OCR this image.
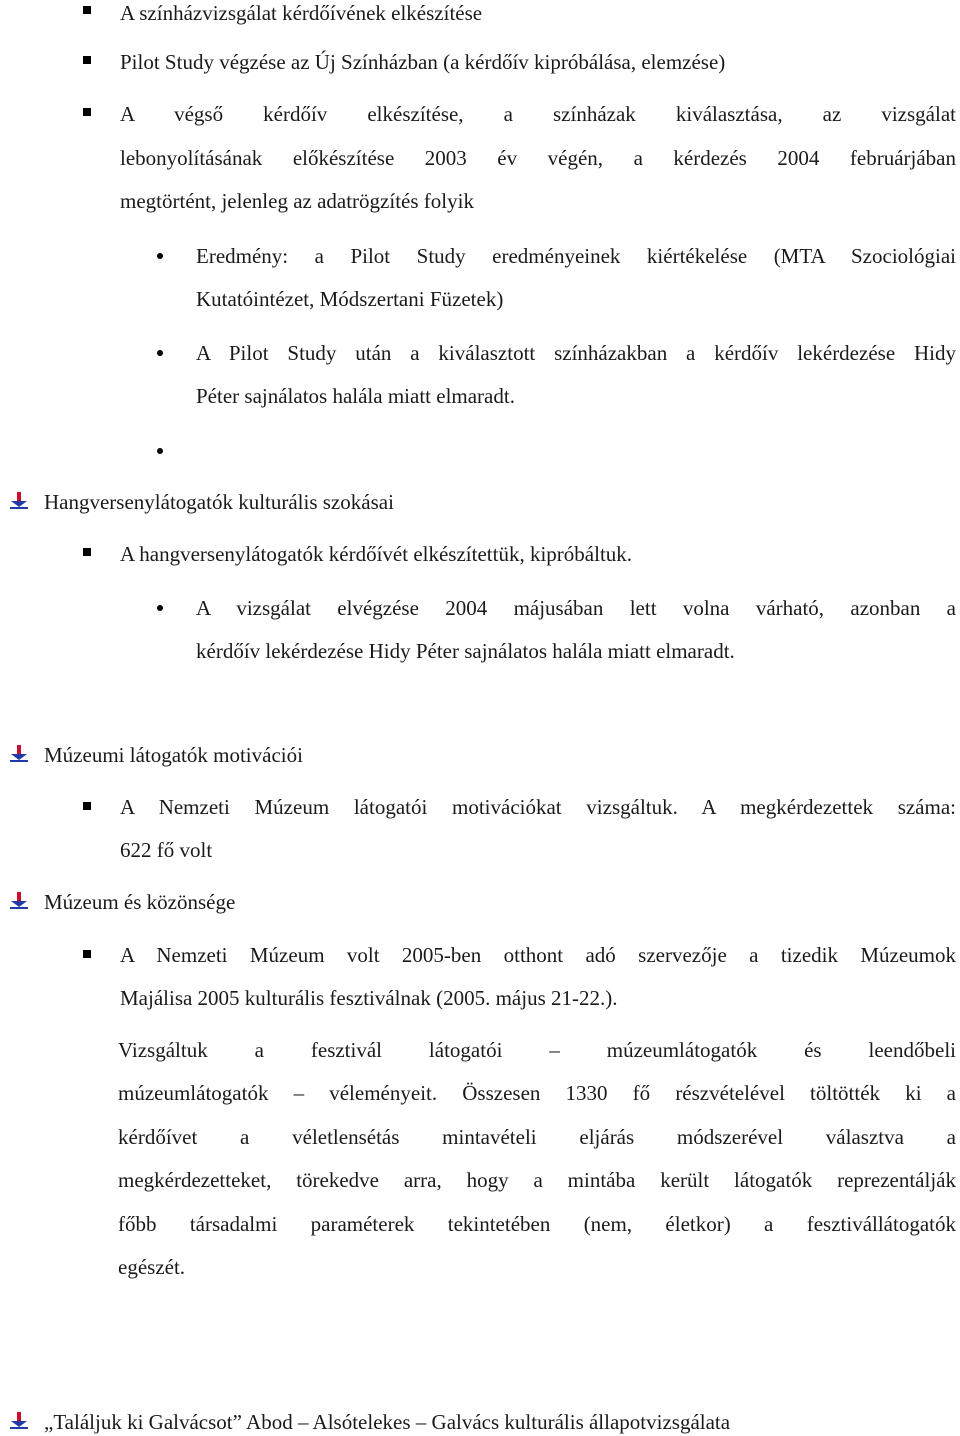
A színházvizsgálat kérdőívének elkészítése
Pilot Study végzése az Új Színházban (a kérdőív kipróbálása, elemzése)
A végső kérdőív elkészítése, a színházak kiválasztása, az vizsgálat
lebonyolításának előkészítése 2003 év végén, a kérdezés 2004 februárjában
megtörtént, jelenleg az adatrögzítés folyik
Eredmény: a Pilot Study eredményeinek kiértékelése (MTA Szociológiai
Kutatóintézet, Módszertani Füzetek)
A Pilot Study után a kiválasztott színházakban a kérdőív lekérdezése Hidy
Péter sajnálatos halála miatt elmaradt.
Hangversenylátogatók kulturális szokásai
A hangversenylátogatók kérdőívét elkészítettük, kipróbáltuk.
A vizsgálat elvégzése 2004 májusában lett volna várható, azonban a
kérdőív lekérdezése Hidy Péter sajnálatos halála miatt elmaradt.
Múzeumi látogatók motivációi
A Nemzeti Múzeum látogatói motivációkat vizsgáltuk. A megkérdezettek száma:
622 fő volt
Múzeum és közönsége
A Nemzeti Múzeum volt 2005-ben otthont adó szervezője a tizedik Múzeumok
Majálisa 2005 kulturális fesztiválnak (2005. május 21-22.).
Vizsgáltuk a fesztivál látogatói – múzeumlátogatók és leendőbeli
múzeumlátogatók – véleményeit. Összesen 1330 fő részvételével töltötték ki a
kérdőívet a véletlensétás mintavételi eljárás módszerével választva a
megkérdezetteket, törekedve arra, hogy a mintába került látogatók reprezentálják
főbb társadalmi paraméterek tekintetében (nem, életkor) a fesztivállátogatók
egészét.
„Találjuk ki Galvácsot” Abod – Alsótelekes – Galvács kulturális állapotvizsgálata
